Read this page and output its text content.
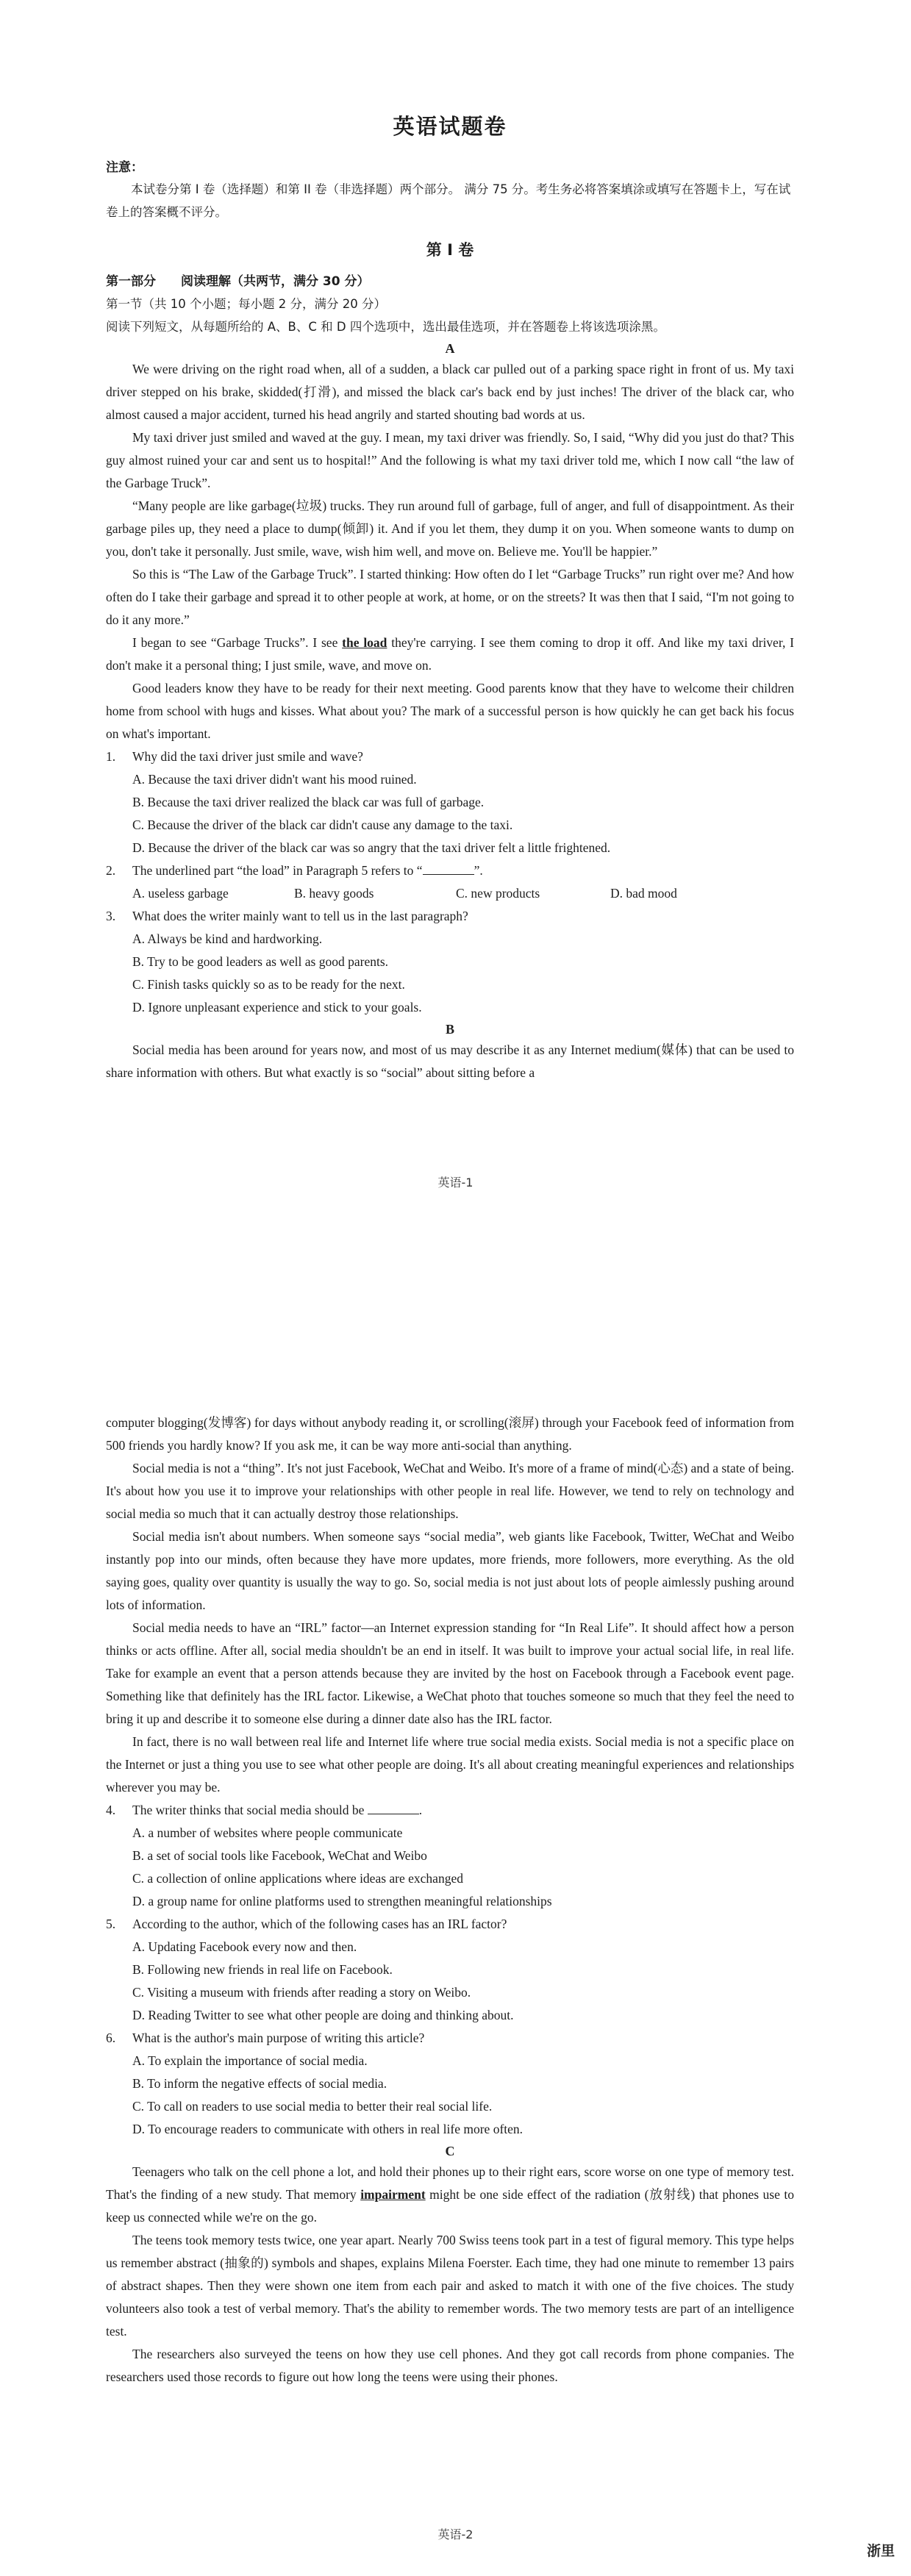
英语试题卷

注意：

本试卷分第 I 卷（选择题）和第 II 卷（非选择题）两个部分。 满分 75 分。考生务必将答案填涂或填写在答题卡上，写在试卷上的答案概不评分。

第 I 卷

第一部分　　阅读理解（共两节，满分 30 分）

第一节（共 10 个小题；每小题 2 分，满分 20 分）

阅读下列短文，从每题所给的 A、B、C 和 D 四个选项中，选出最佳选项，并在答题卷上将该选项涂黑。

A

We were driving on the right road when, all of a sudden, a black car pulled out of a parking space right in front of us. My taxi driver stepped on his brake, skidded(打滑), and missed the black car's back end by just inches! The driver of the black car, who almost caused a major accident, turned his head angrily and started shouting bad words at us.

My taxi driver just smiled and waved at the guy. I mean, my taxi driver was friendly. So, I said, “Why did you just do that? This guy almost ruined your car and sent us to hospital!” And the following is what my taxi driver told me, which I now call “the law of the Garbage Truck”.

“Many people are like garbage(垃圾) trucks. They run around full of garbage, full of anger, and full of disappointment. As their garbage piles up, they need a place to dump(倾卸) it. And if you let them, they dump it on you. When someone wants to dump on you, don't take it personally. Just smile, wave, wish him well, and move on. Believe me. You'll be happier.”

So this is “The Law of the Garbage Truck”. I started thinking: How often do I let “Garbage Trucks” run right over me? And how often do I take their garbage and spread it to other people at work, at home, or on the streets? It was then that I said, “I'm not going to do it any more.”

I began to see “Garbage Trucks”. I see the load they're carrying. I see them coming to drop it off. And like my taxi driver, I don't make it a personal thing; I just smile, wave, and move on.

Good leaders know they have to be ready for their next meeting. Good parents know that they have to welcome their children home from school with hugs and kisses. What about you? The mark of a successful person is how quickly he can get back his focus on what's important.

1.	Why did the taxi driver just smile and wave?

A. Because the taxi driver didn't want his mood ruined.

B. Because the taxi driver realized the black car was full of garbage.

C. Because the driver of the black car didn't cause any damage to the taxi.

D. Because the driver of the black car was so angry that the taxi driver felt a little frightened.

2.	The underlined part “the load” in Paragraph 5 refers to “	”.
A. useless garbage	B. heavy goods	C. new products	D. bad mood
3.	What does the writer mainly want to tell us in the last paragraph?

A. Always be kind and hardworking.

B. Try to be good leaders as well as good parents.

C. Finish tasks quickly so as to be ready for the next.

D. Ignore unpleasant experience and stick to your goals.

B

Social media has been around for years now, and most of us may describe it as any Internet medium(媒体) that can be used to share information with others. But what exactly is so “social” about sitting before a

英语-1

computer blogging(发博客) for days without anybody reading it, or scrolling(滚屏) through your Facebook feed of information from 500 friends you hardly know? If you ask me, it can be way more anti-social than anything.

Social media is not a “thing”. It's not just Facebook, WeChat and Weibo. It's more of a frame of mind(心态) and a state of being. It's about how you use it to improve your relationships with other people in real life. However, we tend to rely on technology and social media so much that it can actually destroy those relationships.

Social media isn't about numbers. When someone says “social media”, web giants like Facebook, Twitter, WeChat and Weibo instantly pop into our minds, often because they have more updates, more friends, more followers, more everything. As the old saying goes, quality over quantity is usually the way to go. So, social media is not just about lots of people aimlessly pushing around lots of information.

Social media needs to have an “IRL” factor—an Internet expression standing for “In Real Life”. It should affect how a person thinks or acts offline. After all, social media shouldn't be an end in itself. It was built to improve your actual social life, in real life. Take for example an event that a person attends because they are invited by the host on Facebook through a Facebook event page. Something like that definitely has the IRL factor. Likewise, a WeChat photo that touches someone so much that they feel the need to bring it up and describe it to someone else during a dinner date also has the IRL factor.

In fact, there is no wall between real life and Internet life where true social media exists. Social media is not a specific place on the Internet or just a thing you use to see what other people are doing. It's all about creating meaningful experiences and relationships wherever you may be.

4.	The writer thinks that social media should be	.

A. a number of websites where people communicate

B. a set of social tools like Facebook, WeChat and Weibo

C. a collection of online applications where ideas are exchanged

D. a group name for online platforms used to strengthen meaningful relationships

5.	According to the author, which of the following cases has an IRL factor?

A. Updating Facebook every now and then.

B. Following new friends in real life on Facebook.

C. Visiting a museum with friends after reading a story on Weibo.

D. Reading Twitter to see what other people are doing and thinking about.

6.	What is the author's main purpose of writing this article?

A. To explain the importance of social media.

B. To inform the negative effects of social media.

C. To call on readers to use social media to better their real social life.

D. To encourage readers to communicate with others in real life more often.

C

Teenagers who talk on the cell phone a lot, and hold their phones up to their right ears, score worse on one type of memory test. That's the finding of a new study. That memory impairment might be one side effect of the radiation (放射线) that phones use to keep us connected while we're on the go.

The teens took memory tests twice, one year apart. Nearly 700 Swiss teens took part in a test of figural memory. This type helps us remember abstract (抽象的) symbols and shapes, explains Milena Foerster. Each time, they had one minute to remember 13 pairs of abstract shapes. Then they were shown one item from each pair and asked to match it with one of the five choices. The study volunteers also took a test of verbal memory. That's the ability to remember words. The two memory tests are part of an intelligence test.

The researchers also surveyed the teens on how they use cell phones. And they got call records from phone companies. The researchers used those records to figure out how long the teens were using their phones.

英语-2
浙里
